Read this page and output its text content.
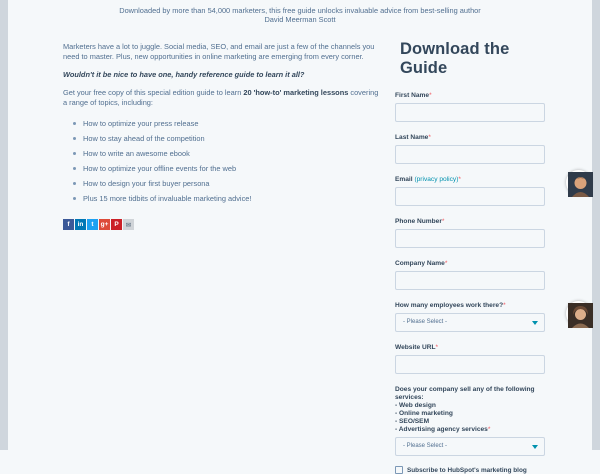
Downloaded by more than 54,000 marketers, this free guide unlocks invaluable advice from best-selling author
David Meerman Scott

Marketers have a lot to juggle. Social media, SEO, and email are just a few of the channels you need to master. Plus, new opportunities in online marketing are emerging from every corner.

Wouldn't it be nice to have one, handy reference guide to learn it all?

Get your free copy of this special edition guide to learn 20 'how-to' marketing lessons covering a range of topics, including:

How to optimize your press release
How to stay ahead of the competition
How to write an awesome ebook
How to optimize your offline events for the web
How to design your first buyer persona
Plus 15 more tidbits of invaluable marketing advice!
f	in	t	g+ P	✉
Download the Guide
First Name*
Last Name*
Email (privacy policy)*
Phone Number*
Company Name*
How many employees work there?*
- Please Select -
Website URL*
Does your company sell any of the following services:
- Web design
- Online marketing
- SEO/SEM
- Advertising agency services*
- Please Select -
Subscribe to HubSpot's marketing blog
